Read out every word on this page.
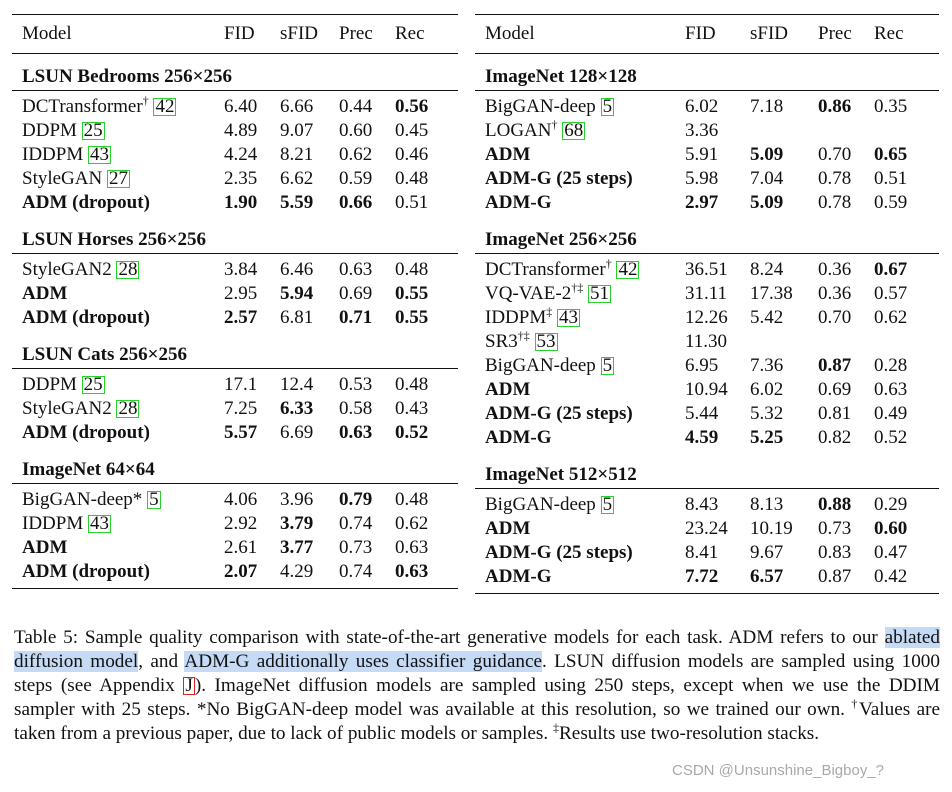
Model	FID sFID Prec Rec
LSUN Bedrooms 256×256
DCTransformer† 42	6.40 6.66 0.44 0.56
DDPM 25	4.89 9.07 0.60 0.45
IDDPM 43	4.24 8.21 0.62 0.46
StyleGAN 27	2.35 6.62 0.59 0.48
ADM (dropout)	1.90 5.59 0.66 0.51
LSUN Horses 256×256
StyleGAN2 28	3.84 6.46 0.63 0.48
ADM	2.95 5.94 0.69 0.55
ADM (dropout)	2.57 6.81 0.71 0.55
LSUN Cats 256×256
DDPM 25	17.1 12.4 0.53 0.48
StyleGAN2 28	7.25 6.33 0.58 0.43
ADM (dropout)	5.57 6.69 0.63 0.52
ImageNet 64×64
BigGAN-deep* 5	4.06 3.96 0.79 0.48
IDDPM 43	2.92 3.79 0.74 0.62
ADM	2.61 3.77 0.73 0.63
ADM (dropout)	2.07 4.29 0.74 0.63
Model	FID sFID Prec Rec
ImageNet 128×128
BigGAN-deep 5	6.02 7.18 0.86 0.35
LOGAN† 68	3.36
ADM	5.91 5.09 0.70 0.65
ADM-G (25 steps)	5.98 7.04 0.78 0.51
ADM-G	2.97 5.09 0.78 0.59
ImageNet 256×256
DCTransformer† 42	36.51 8.24 0.36 0.67
VQ-VAE-2†‡ 51	31.11 17.38 0.36 0.57
IDDPM‡ 43	12.26 5.42 0.70 0.62
SR3†‡ 53	11.30
BigGAN-deep 5	6.95 7.36 0.87 0.28
ADM	10.94 6.02 0.69 0.63
ADM-G (25 steps)	5.44 5.32 0.81 0.49
ADM-G	4.59 5.25 0.82 0.52
ImageNet 512×512
BigGAN-deep 5	8.43 8.13 0.88 0.29
ADM	23.24 10.19 0.73 0.60
ADM-G (25 steps)	8.41 9.67 0.83 0.47
ADM-G	7.72 6.57 0.87 0.42
Table 5: Sample quality comparison with state-of-the-art generative models for each task. ADM refers to our ablated diffusion model, and ADM-G additionally uses classifier guidance. LSUN diffusion models are sampled using 1000 steps (see Appendix J ). ImageNet diffusion models are sampled using 250 steps, except when we use the DDIM sampler with 25 steps. *No BigGAN-deep model was available at this resolution, so we trained our own. †Values are taken from a previous paper, due to lack of public models or samples. ‡Results use two-resolution stacks.
CSDN @Unsunshine_Bigboy_?
